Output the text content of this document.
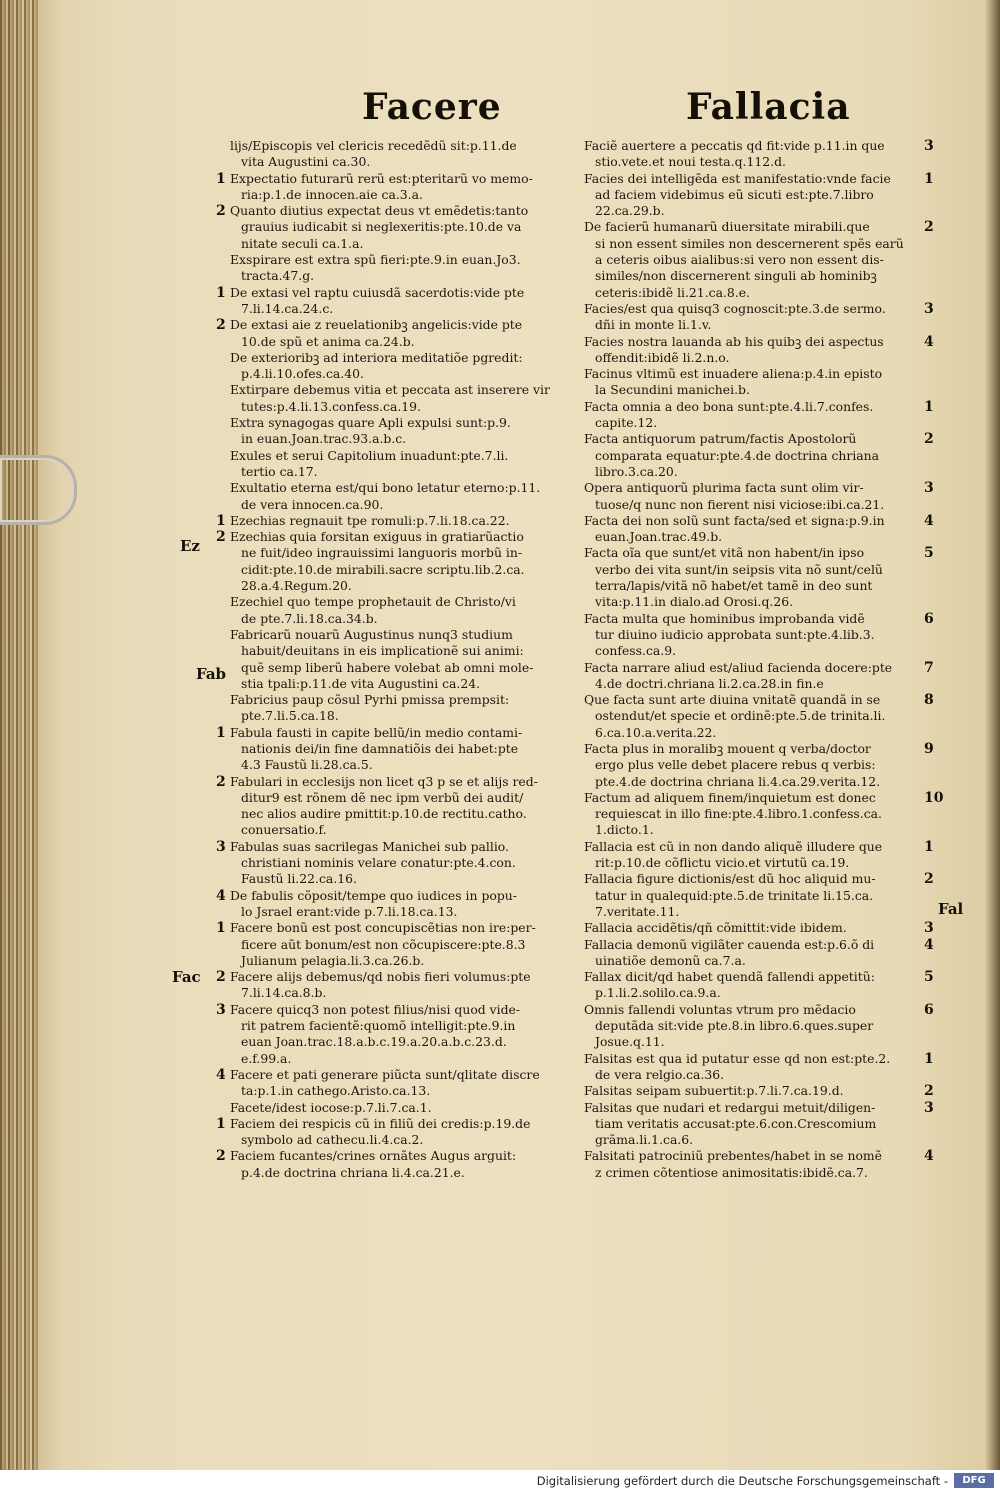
Facere	Fallacia
Ez
Fab
Fac
Fal
lijs/Episcopis vel clericis recedẽdũ sit:p.11.de
vita Augustini ca.30.
1 Expectatio futurarũ rerũ est:pteritarũ vo memo-
ria:p.1.de innocen.aie ca.3.a.
2 Quanto diutius expectat deus vt emẽdetis:tanto
grauius iudicabit si neglexeritis:pte.10.de va
nitate seculi ca.1.a.
Exspirare est extra spũ fieri:pte.9.in euan.Jo3.
tracta.47.g.
1 De extasi vel raptu cuiusdã sacerdotis:vide pte
7.li.14.ca.24.c.
2 De extasi aie z reuelationibꝫ angelicis:vide pte
10.de spũ et anima ca.24.b.
De exterioribꝫ ad interiora meditatiõe pgredit:
p.4.li.10.ofes.ca.40.
Extirpare debemus vitia et peccata ast inserere vir
tutes:p.4.li.13.confess.ca.19.
Extra synagogas quare Apli expulsi sunt:p.9.
in euan.Joan.trac.93.a.b.c.
Exules et serui Capitolium inuadunt:pte.7.li.
tertio ca.17.
Exultatio eterna est/qui bono letatur eterno:p.11.
de vera innocen.ca.90.
1 Ezechias regnauit tpe romuli:p.7.li.18.ca.22.
2 Ezechias quia forsitan exiguus in gratiarũactio
ne fuit/ideo ingrauissimi languoris morbũ in-
cidit:pte.10.de mirabili.sacre scriptu.lib.2.ca.
28.a.4.Regum.20.
Ezechiel quo tempe prophetauit de Christo/vi
de pte.7.li.18.ca.34.b.
Fabricarũ nouarũ Augustinus nunq3 studium
habuit/deuitans in eis implicationẽ sui animi:
quẽ semp liberũ habere volebat ab omni mole-
stia tpali:p.11.de vita Augustini ca.24.
Fabricius paup cõsul Pyrhi pmissa prempsit:
pte.7.li.5.ca.18.
1 Fabula fausti in capite bellũ/in medio contami-
nationis dei/in fine damnatiõis dei habet:pte
4.3 Faustũ li.28.ca.5.
2 Fabulari in ecclesijs non licet q3 p se et alijs red-
ditur9 est rõnem dẽ nec ipm verbũ dei audit/
nec alios audire pmittit:p.10.de rectitu.catho.
conuersatio.f.
3 Fabulas suas sacrilegas Manichei sub pallio.
christiani nominis velare conatur:pte.4.con.
Faustũ li.22.ca.16.
4 De fabulis cõposit/tempe quo iudices in popu-
lo Jsrael erant:vide p.7.li.18.ca.13.
1 Facere bonũ est post concupiscẽtias non ire:per-
ficere aũt bonum/est non cõcupiscere:pte.8.3
Julianum pelagia.li.3.ca.26.b.
2 Facere alijs debemus/qd nobis fieri volumus:pte
7.li.14.ca.8.b.
3 Facere quicq3 non potest filius/nisi quod vide-
rit patrem facientẽ:quomõ intelligit:pte.9.in
euan Joan.trac.18.a.b.c.19.a.20.a.b.c.23.d.
e.f.99.a.
4 Facere et pati generare piũcta sunt/qlitate discre
ta:p.1.in cathego.Aristo.ca.13.
Facete/idest iocose:p.7.li.7.ca.1.
1 Faciem dei respicis cũ in filiũ dei credis:p.19.de
symbolo ad cathecu.li.4.ca.2.
2 Faciem fucantes/crines ornãtes Augus arguit:
p.4.de doctrina chriana li.4.ca.21.e.
3
Faciẽ auertere a peccatis qd fit:vide p.11.in que
stio.vete.et noui testa.q.112.d.
1
Facies dei intelligẽda est manifestatio:vnde facie
ad faciem videbimus eũ sicuti est:pte.7.libro
22.ca.29.b.
2
De facierũ humanarũ diuersitate mirabili.que
si non essent similes non descernerent spẽs earũ
a ceteris oibus aialibus:si vero non essent dis-
similes/non discernerent singuli ab hominibꝫ
ceteris:ibidẽ li.21.ca.8.e.
3
Facies/est qua quisq3 cognoscit:pte.3.de sermo.
dñi in monte li.1.v.
4
Facies nostra lauanda ab his quibꝫ dei aspectus
offendit:ibidẽ li.2.n.o.
Facinus vltimũ est inuadere aliena:p.4.in episto
la Secundini manichei.b.
1
Facta omnia a deo bona sunt:pte.4.li.7.confes.
capite.12.
2
Facta antiquorum patrum/factis Apostolorũ
comparata equatur:pte.4.de doctrina chriana
libro.3.ca.20.
3
Opera antiquorũ plurima facta sunt olim vir-
tuose/q nunc non fierent nisi viciose:ibi.ca.21.
4
Facta dei non solũ sunt facta/sed et signa:p.9.in
euan.Joan.trac.49.b.
5
Facta oĩa que sunt/et vitã non habent/in ipso
verbo dei vita sunt/in seipsis vita nõ sunt/celũ
terra/lapis/vitã nõ habet/et tamẽ in deo sunt
vita:p.11.in dialo.ad Orosi.q.26.
6
Facta multa que hominibus improbanda vidẽ
tur diuino iudicio approbata sunt:pte.4.lib.3.
confess.ca.9.
7
Facta narrare aliud est/aliud facienda docere:pte
4.de doctri.chriana li.2.ca.28.in fin.e
8
Que facta sunt arte diuina vnitatẽ quandã in se
ostendut/et specie et ordinẽ:pte.5.de trinita.li.
6.ca.10.a.verita.22.
9
Facta plus in moralibꝫ mouent q verba/doctor
ergo plus velle debet placere rebus q verbis:
pte.4.de doctrina chriana li.4.ca.29.verita.12.
10
Factum ad aliquem finem/inquietum est donec
requiescat in illo fine:pte.4.libro.1.confess.ca.
1.dicto.1.
1
Fallacia est cũ in non dando aliquẽ illudere que
rit:p.10.de cõflictu vicio.et virtutũ ca.19.
2
Fallacia figure dictionis/est dũ hoc aliquid mu-
tatur in qualequid:pte.5.de trinitate li.15.ca.
7.veritate.11.
3
Fallacia accidẽtis/qñ cõmittit:vide ibidem.
4
Fallacia demonũ vigilãter cauenda est:p.6.õ di
uinatiõe demonũ ca.7.a.
5
Fallax dicit/qd habet quendã fallendi appetitũ:
p.1.li.2.solilo.ca.9.a.
6
Omnis fallendi voluntas vtrum pro mẽdacio
deputãda sit:vide pte.8.in libro.6.ques.super
Josue.q.11.
1
Falsitas est qua id putatur esse qd non est:pte.2.
de vera relgio.ca.36.
2
Falsitas seipam subuertit:p.7.li.7.ca.19.d.
3
Falsitas que nudari et redargui metuit/diligen-
tiam veritatis accusat:pte.6.con.Crescomium
grãma.li.1.ca.6.
4
Falsitati patrociniũ prebentes/habet in se nomẽ
z crimen cõtentiose animositatis:ibidẽ.ca.7.
Digitalisierung gefördert durch die Deutsche Forschungsgemeinschaft -	DFG
